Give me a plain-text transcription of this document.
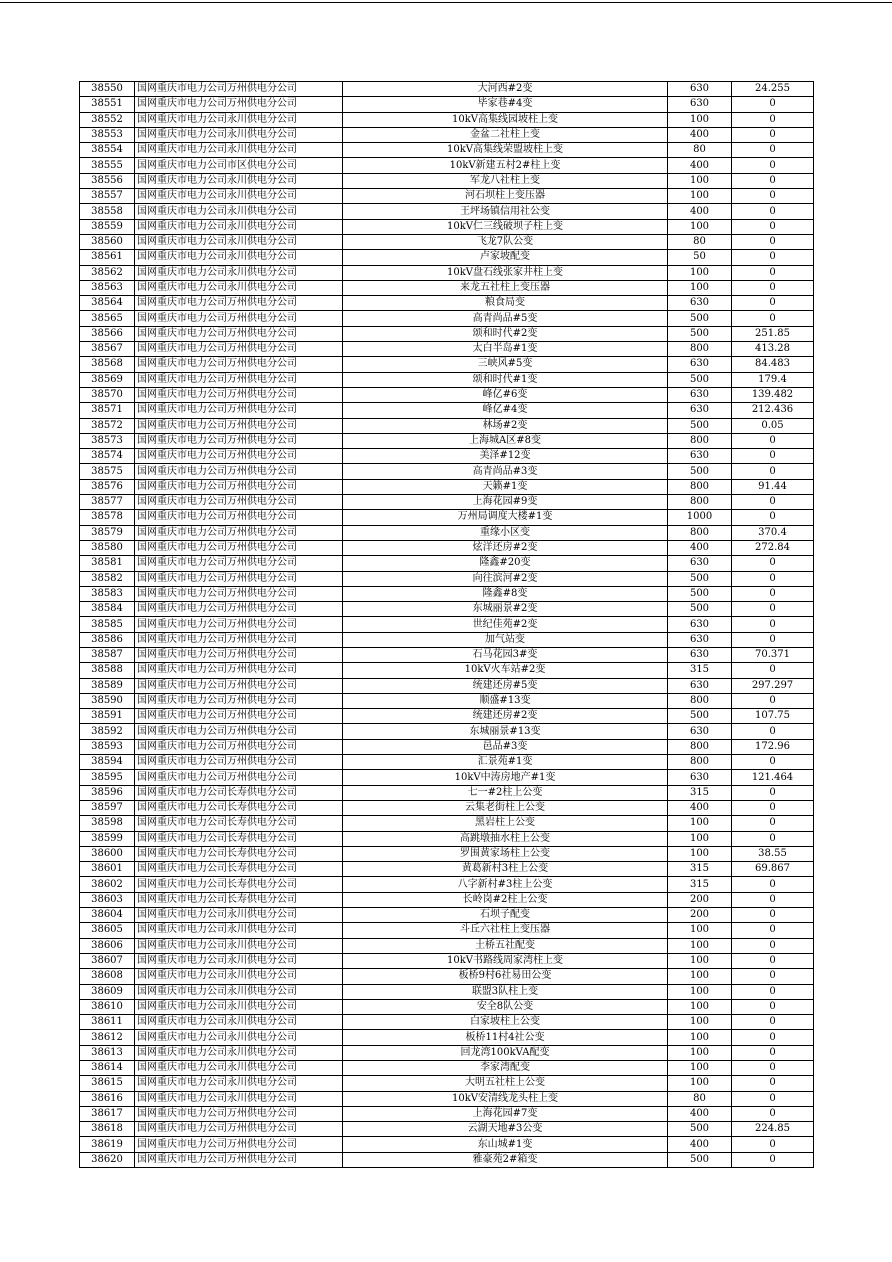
38550	国网重庆市电力公司万州供电分公司	大河西#2变	630	24.255
38551	国网重庆市电力公司万州供电分公司	毕家巷#4变	630	0
38552	国网重庆市电力公司永川供电分公司	10kV高集线园坡柱上变	100	0
38553	国网重庆市电力公司永川供电分公司	金盆二社柱上变	400	0
38554	国网重庆市电力公司永川供电分公司	10kV高集线荣盟坡柱上变	80	0
38555	国网重庆市电力公司市区供电分公司	10kV新建五村2#柱上变	400	0
38556	国网重庆市电力公司永川供电分公司	军龙八社柱上变	100	0
38557	国网重庆市电力公司永川供电分公司	河石坝柱上变压器	100	0
38558	国网重庆市电力公司永川供电分公司	王坪场镇信用社公变	400	0
38559	国网重庆市电力公司永川供电分公司	10kV仁三线破坝子柱上变	100	0
38560	国网重庆市电力公司永川供电分公司	飞龙7队公变	80	0
38561	国网重庆市电力公司永川供电分公司	卢家坡配变	50	0
38562	国网重庆市电力公司永川供电分公司	10kV盘石线张家井柱上变	100	0
38563	国网重庆市电力公司永川供电分公司	来龙五社柱上变压器	100	0
38564	国网重庆市电力公司万州供电分公司	粮食局变	630	0
38565	国网重庆市电力公司万州供电分公司	高青尚品#5变	500	0
38566	国网重庆市电力公司万州供电分公司	颂和时代#2变	500	251.85
38567	国网重庆市电力公司万州供电分公司	太白半岛#1变	800	413.28
38568	国网重庆市电力公司万州供电分公司	三峡风#5变	630	84.483
38569	国网重庆市电力公司万州供电分公司	颂和时代#1变	500	179.4
38570	国网重庆市电力公司万州供电分公司	峰亿#6变	630	139.482
38571	国网重庆市电力公司万州供电分公司	峰亿#4变	630	212.436
38572	国网重庆市电力公司万州供电分公司	林场#2变	500	0.05
38573	国网重庆市电力公司万州供电分公司	上海城A区#8变	800	0
38574	国网重庆市电力公司万州供电分公司	美泽#12变	630	0
38575	国网重庆市电力公司万州供电分公司	高青尚品#3变	500	0
38576	国网重庆市电力公司万州供电分公司	天籁#1变	800	91.44
38577	国网重庆市电力公司万州供电分公司	上海花园#9变	800	0
38578	国网重庆市电力公司万州供电分公司	万州局调度大楼#1变	1000	0
38579	国网重庆市电力公司万州供电分公司	重缘小区变	800	370.4
38580	国网重庆市电力公司万州供电分公司	炫洋还房#2变	400	272.84
38581	国网重庆市电力公司万州供电分公司	隆鑫#20变	630	0
38582	国网重庆市电力公司万州供电分公司	向往滨河#2变	500	0
38583	国网重庆市电力公司万州供电分公司	隆鑫#8变	500	0
38584	国网重庆市电力公司万州供电分公司	东城丽景#2变	500	0
38585	国网重庆市电力公司万州供电分公司	世纪佳苑#2变	630	0
38586	国网重庆市电力公司万州供电分公司	加气站变	630	0
38587	国网重庆市电力公司万州供电分公司	石马花园3#变	630	70.371
38588	国网重庆市电力公司万州供电分公司	10kV火车站#2变	315	0
38589	国网重庆市电力公司万州供电分公司	统建还房#5变	630	297.297
38590	国网重庆市电力公司万州供电分公司	顺盛#13变	800	0
38591	国网重庆市电力公司万州供电分公司	统建还房#2变	500	107.75
38592	国网重庆市电力公司万州供电分公司	东城丽景#13变	630	0
38593	国网重庆市电力公司万州供电分公司	邑品#3变	800	172.96
38594	国网重庆市电力公司万州供电分公司	汇景苑#1变	800	0
38595	国网重庆市电力公司万州供电分公司	10kV中涛房地产#1变	630	121.464
38596	国网重庆市电力公司长寿供电分公司	七一#2柱上公变	315	0
38597	国网重庆市电力公司长寿供电分公司	云集老街柱上公变	400	0
38598	国网重庆市电力公司长寿供电分公司	黑岩柱上公变	100	0
38599	国网重庆市电力公司长寿供电分公司	高跳墩抽水柱上公变	100	0
38600	国网重庆市电力公司长寿供电分公司	罗围黄家场柱上公变	100	38.55
38601	国网重庆市电力公司长寿供电分公司	黄葛新村3柱上公变	315	69.867
38602	国网重庆市电力公司长寿供电分公司	八字新村#3柱上公变	315	0
38603	国网重庆市电力公司长寿供电分公司	长岭岗#2柱上公变	200	0
38604	国网重庆市电力公司永川供电分公司	石坝子配变	200	0
38605	国网重庆市电力公司永川供电分公司	斗丘六社柱上变压器	100	0
38606	国网重庆市电力公司永川供电分公司	土桥五社配变	100	0
38607	国网重庆市电力公司永川供电分公司	10kV书路线周家湾柱上变	100	0
38608	国网重庆市电力公司永川供电分公司	板桥9村6社易田公变	100	0
38609	国网重庆市电力公司永川供电分公司	联盟3队柱上变	100	0
38610	国网重庆市电力公司永川供电分公司	安全8队公变	100	0
38611	国网重庆市电力公司永川供电分公司	白家坡柱上公变	100	0
38612	国网重庆市电力公司永川供电分公司	板桥11村4社公变	100	0
38613	国网重庆市电力公司永川供电分公司	回龙湾100kVA配变	100	0
38614	国网重庆市电力公司永川供电分公司	李家湾配变	100	0
38615	国网重庆市电力公司永川供电分公司	大明五社柱上公变	100	0
38616	国网重庆市电力公司永川供电分公司	10kV安清线龙头柱上变	80	0
38617	国网重庆市电力公司万州供电分公司	上海花园#7变	400	0
38618	国网重庆市电力公司万州供电分公司	云湖天地#3公变	500	224.85
38619	国网重庆市电力公司万州供电分公司	东山城#1变	400	0
38620	国网重庆市电力公司万州供电分公司	雅豪苑2#箱变	500	0
